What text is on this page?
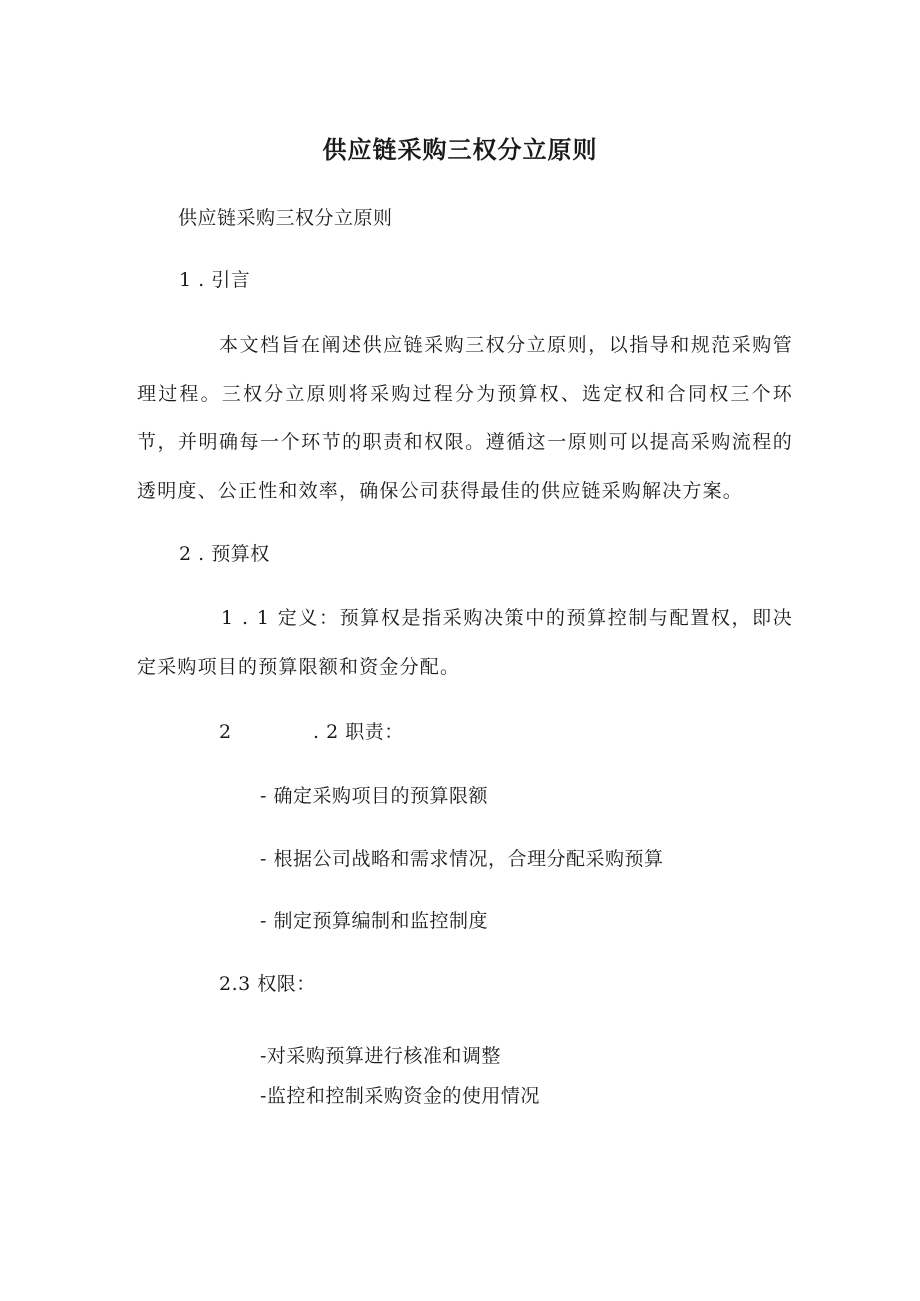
供应链采购三权分立原则
供应链采购三权分立原则
1 . 引言
本文档旨在阐述供应链采购三权分立原则，以指导和规范采购管理过程。三权分立原则将采购过程分为预算权、选定权和合同权三个环节，并明确每一个环节的职责和权限。遵循这一原则可以提高采购流程的透明度、公正性和效率，确保公司获得最佳的供应链采购解决方案。
2 . 预算权
1 . 1 定义：预算权是指采购决策中的预算控制与配置权，即决定采购项目的预算限额和资金分配。
2	. 2 职责：
- 确定采购项目的预算限额
- 根据公司战略和需求情况，合理分配采购预算
- 制定预算编制和监控制度
2.3 权限：
-对采购预算进行核准和调整
-监控和控制采购资金的使用情况
